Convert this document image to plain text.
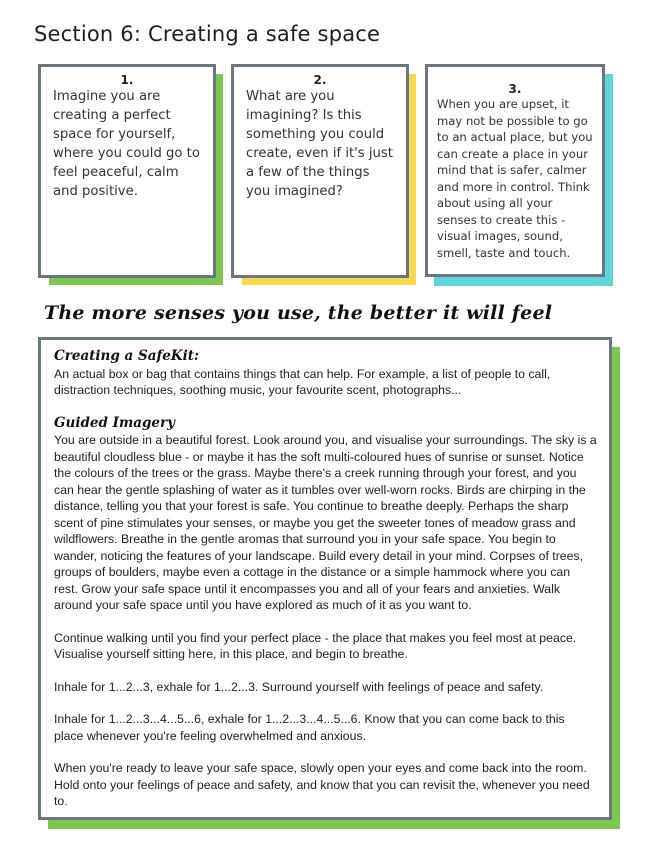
Section 6: Creating a safe space
1.
Imagine you are creating a perfect space for yourself, where you could go to feel peaceful, calm and positive.
2.
What are you imagining? Is this something you could create, even if it's just a few of the things you imagined?
3.
When you are upset, it may not be possible to go to an actual place, but you can create a place in your mind that is safer, calmer and more in control. Think about using all your senses to create this - visual images, sound, smell, taste and touch.
The more senses you use, the better it will feel
Creating a SafeKit:

An actual box or bag that contains things that can help. For example, a list of people to call, distraction techniques, soothing music, your favourite scent, photographs...

Guided Imagery

You are outside in a beautiful forest. Look around you, and visualise your surroundings. The sky is a beautiful cloudless blue - or maybe it has the soft multi-coloured hues of sunrise or sunset. Notice the colours of the trees or the grass. Maybe there's a creek running through your forest, and you can hear the gentle splashing of water as it tumbles over well-worn rocks. Birds are chirping in the distance, telling you that your forest is safe. You continue to breathe deeply. Perhaps the sharp scent of pine stimulates your senses, or maybe you get the sweeter tones of meadow grass and wildflowers. Breathe in the gentle aromas that surround you in your safe space. You begin to wander, noticing the features of your landscape. Build every detail in your mind. Corpses of trees, groups of boulders, maybe even a cottage in the distance or a simple hammock where you can rest. Grow your safe space until it encompasses you and all of your fears and anxieties. Walk around your safe space until you have explored as much of it as you want to.

Continue walking until you find your perfect place - the place that makes you feel most at peace. Visualise yourself sitting here, in this place, and begin to breathe.

Inhale for 1...2...3, exhale for 1...2...3. Surround yourself with feelings of peace and safety.

Inhale for 1...2...3...4...5...6, exhale for 1...2...3...4...5...6. Know that you can come back to this place whenever you're feeling overwhelmed and anxious.

When you're ready to leave your safe space, slowly open your eyes and come back into the room. Hold onto your feelings of peace and safety, and know that you can revisit the, whenever you need to.
